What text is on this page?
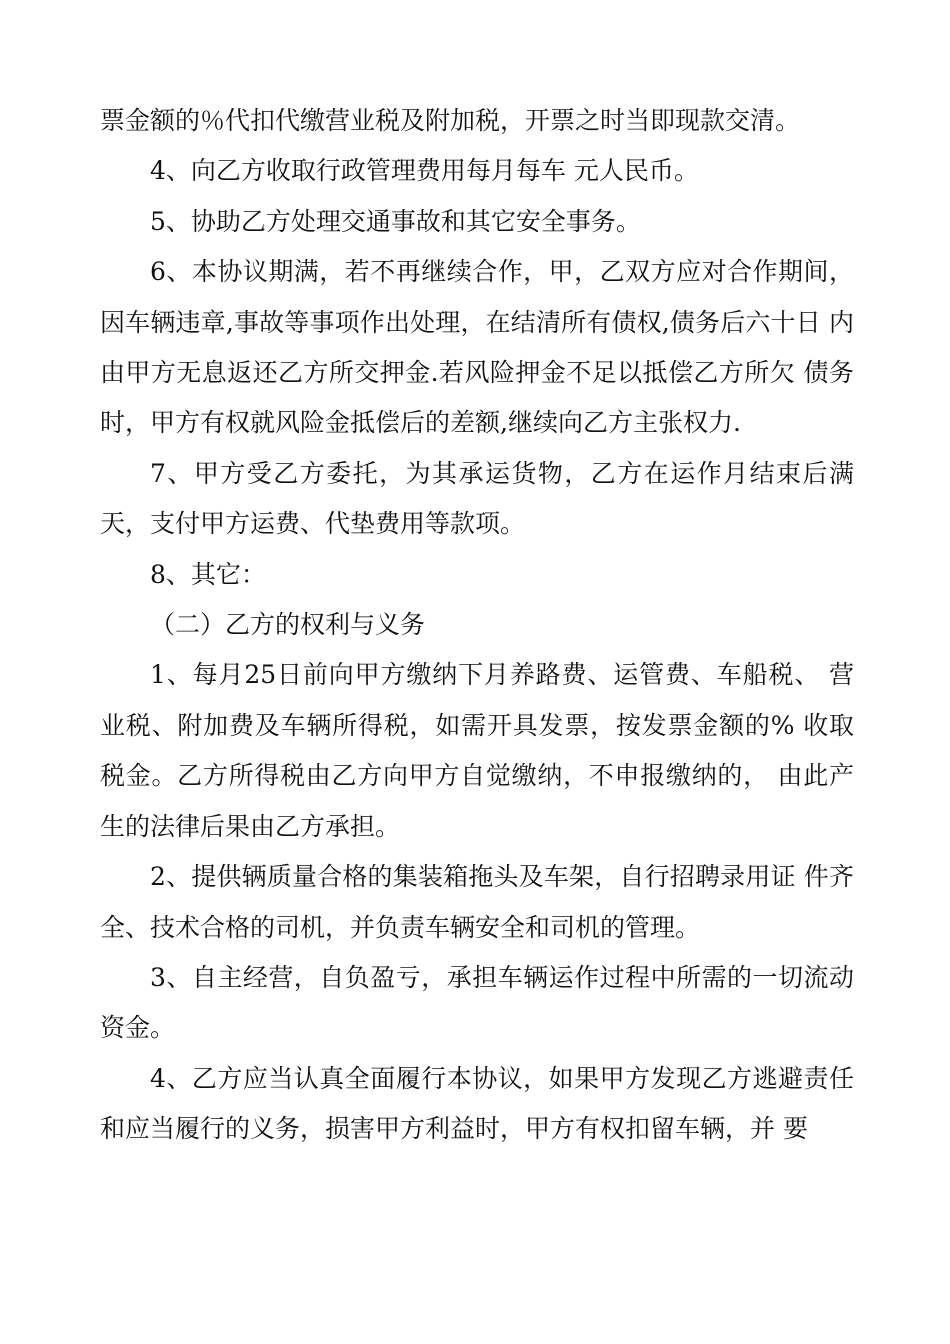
票金额的％代扣代缴营业税及附加税，开票之时当即现款交清。

4、向乙方收取行政管理费用每月每车 元人民币。

5、协助乙方处理交通事故和其它安全事务。

6、本协议期满，若不再继续合作，甲，乙双方应对合作期间， 因车辆违章,事故等事项作出处理，在结清所有债权,债务后六十日 内由甲方无息返还乙方所交押金.若风险押金不足以抵偿乙方所欠 债务时，甲方有权就风险金抵偿后的差额,继续向乙方主张权力.

7、甲方受乙方委托，为其承运货物，乙方在运作月结束后满天，支付甲方运费、代垫费用等款项。

8、其它：

（二）乙方的权利与义务

1、每月25日前向甲方缴纳下月养路费、运管费、车船税、 营业税、附加费及车辆所得税，如需开具发票，按发票金额的% 收取税金。乙方所得税由乙方向甲方自觉缴纳，不申报缴纳的， 由此产生的法律后果由乙方承担。

2、提供辆质量合格的集装箱拖头及车架，自行招聘录用证 件齐全、技术合格的司机，并负责车辆安全和司机的管理。

3、自主经营，自负盈亏，承担车辆运作过程中所需的一切流动资金。

4、乙方应当认真全面履行本协议，如果甲方发现乙方逃避责任和应当履行的义务，损害甲方利益时，甲方有权扣留车辆，并 要
